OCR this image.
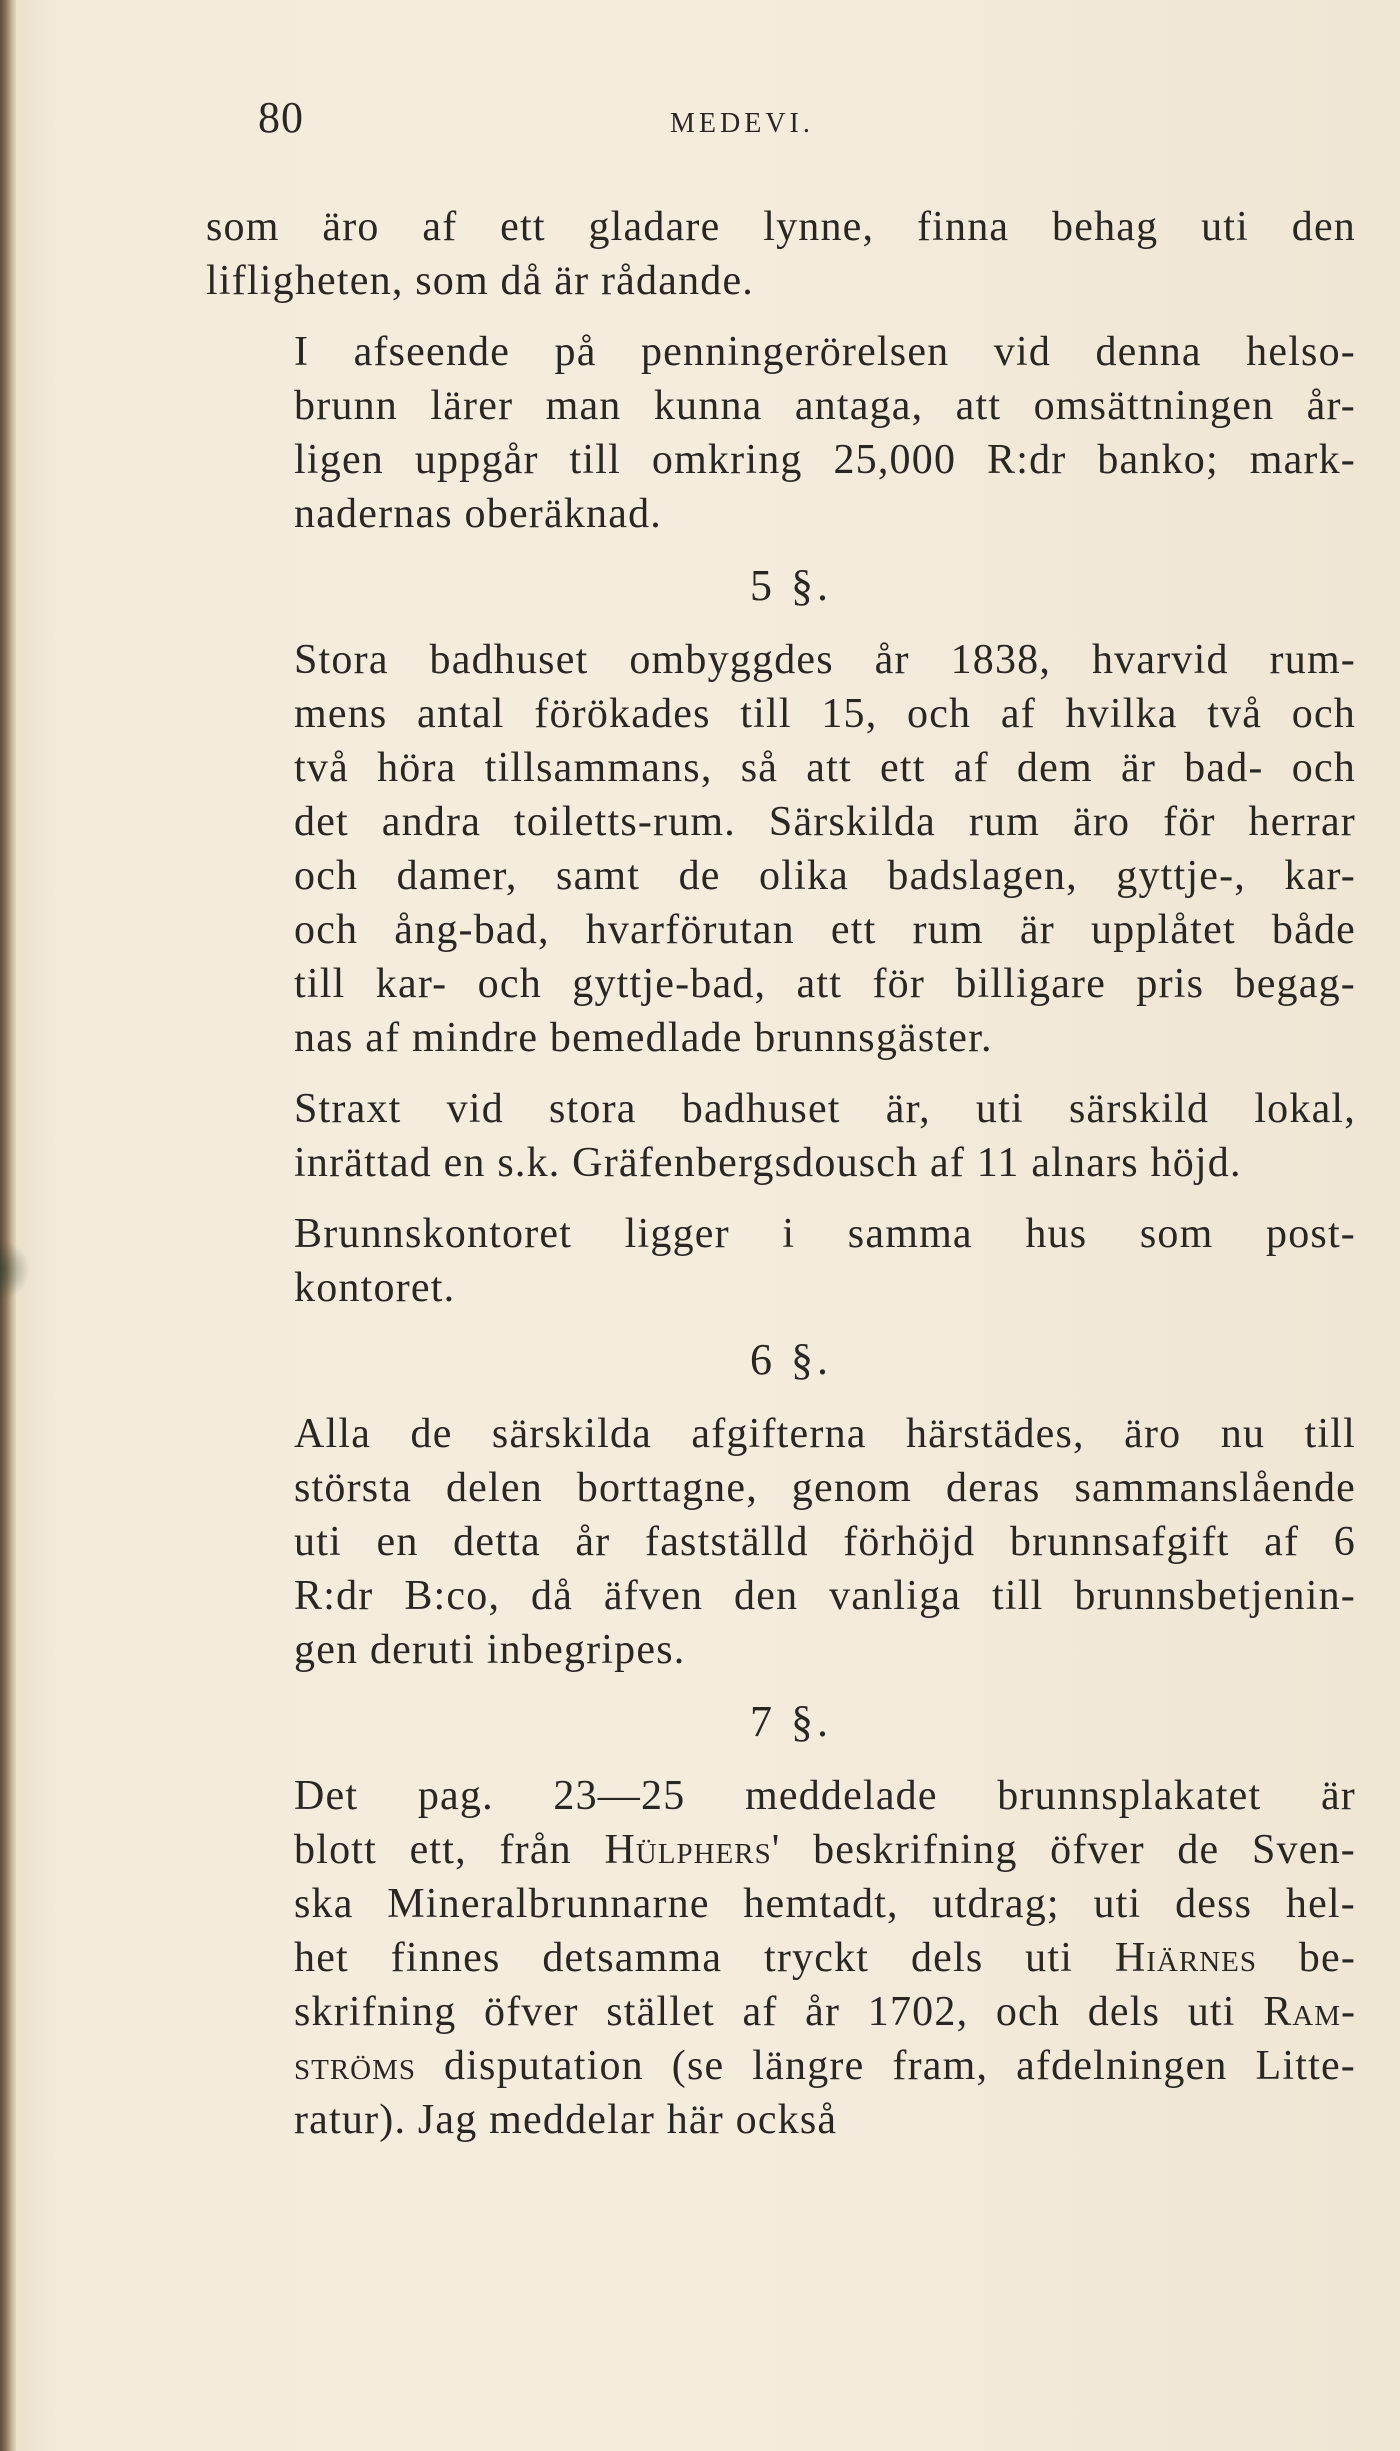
80	MEDEVI.

som äro af ett gladare lynne, finna behag uti den
lifligheten, som då är rådande.

I afseende på penningerörelsen vid denna helso-
brunn lärer man kunna antaga, att omsättningen år-
ligen uppgår till omkring 25,000 R:dr banko; mark-
nadernas oberäknad.

5 §.

Stora badhuset ombyggdes år 1838, hvarvid rum-
mens antal förökades till 15, och af hvilka två och
två höra tillsammans, så att ett af dem är bad- och
det andra toiletts-rum. Särskilda rum äro för herrar
och damer, samt de olika badslagen, gyttje-, kar-
och ång-bad, hvarförutan ett rum är upplåtet både
till kar- och gyttje-bad, att för billigare pris begag-
nas af mindre bemedlade brunnsgäster.

Straxt vid stora badhuset är, uti särskild lokal,
inrättad en s.k. Gräfenbergsdousch af 11 alnars höjd.

Brunnskontoret ligger i samma hus som post-
kontoret.

6 §.

Alla de särskilda afgifterna härstädes, äro nu till
största delen borttagne, genom deras sammanslående
uti en detta år fastställd förhöjd brunnsafgift af 6
R:dr B:co, då äfven den vanliga till brunnsbetjenin-
gen deruti inbegripes.

7 §.

Det pag. 23—25 meddelade brunnsplakatet är
blott ett, från Hülphers' beskrifning öfver de Sven-
ska Mineralbrunnarne hemtadt, utdrag; uti dess hel-
het finnes detsamma tryckt dels uti Hiärnes be-
skrifning öfver stället af år 1702, och dels uti Ram-
ströms disputation (se längre fram, afdelningen Litte-
ratur). Jag meddelar här också
